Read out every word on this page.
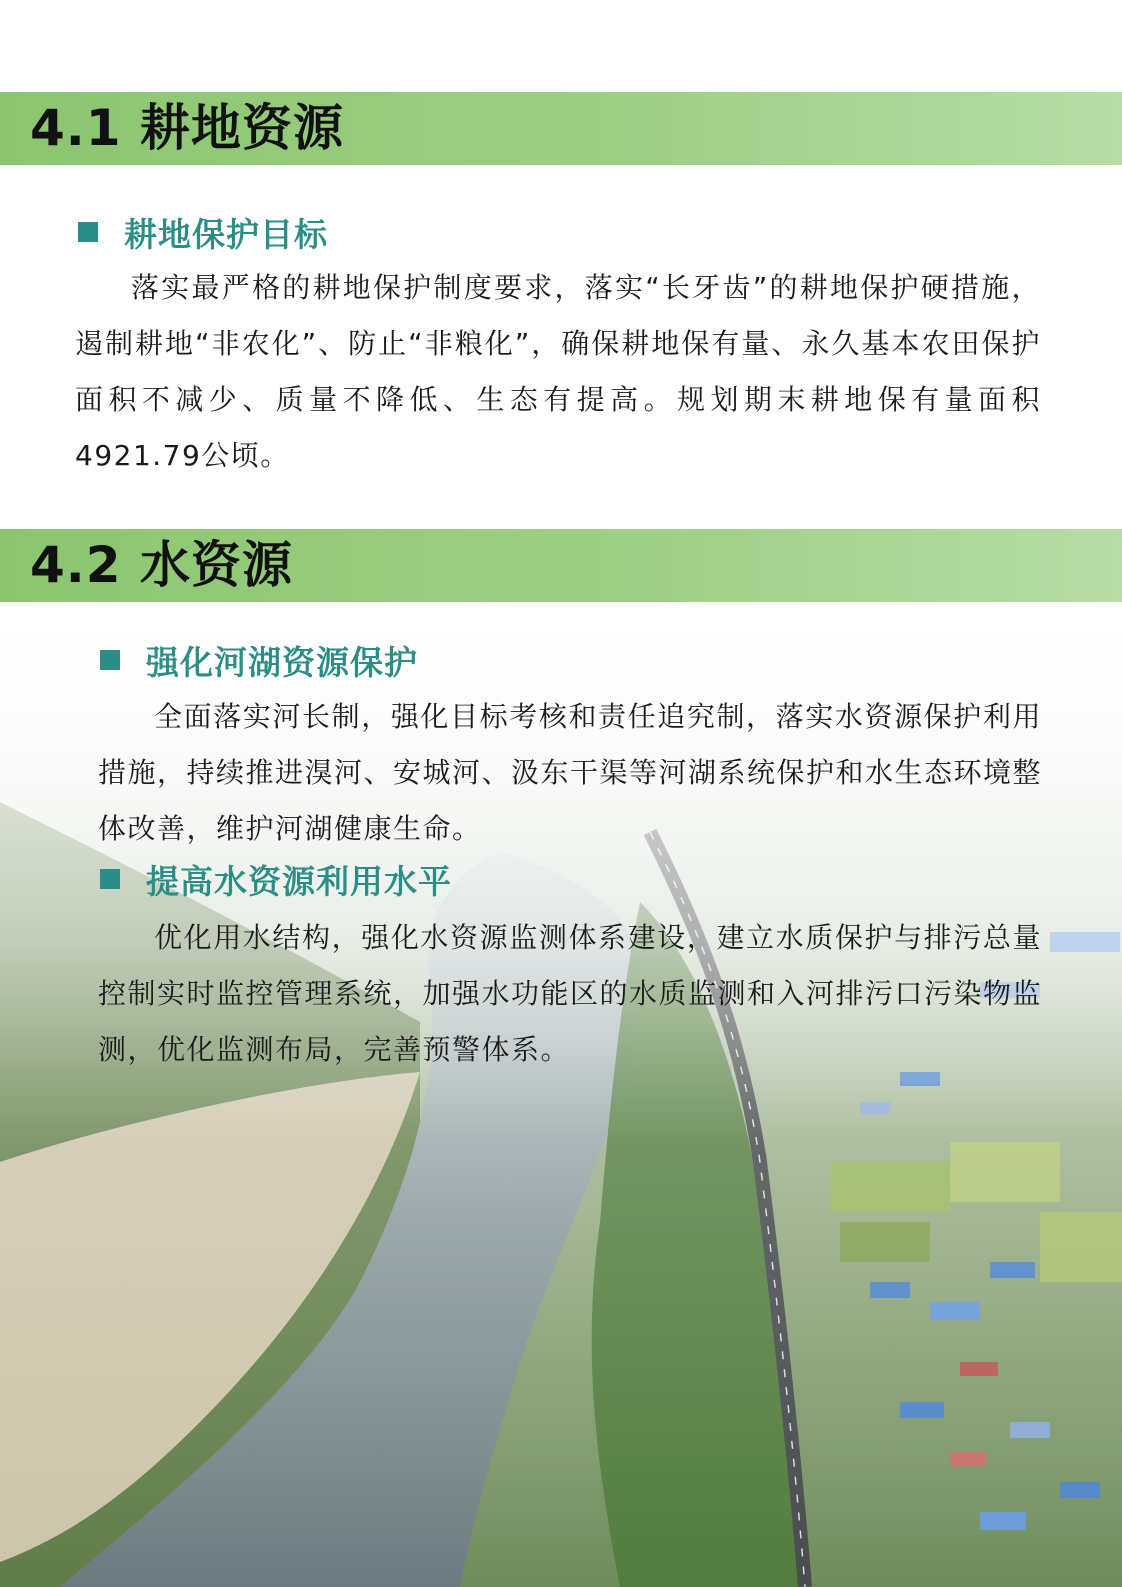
4.1 耕地资源
耕地保护目标

落实最严格的耕地保护制度要求，落实“长牙齿”的耕地保护硬措施，遏制耕地“非农化”、防止“非粮化”，确保耕地保有量、永久基本农田保护面积不减少、质量不降低、生态有提高。规划期末耕地保有量面积4921.79公顷。

4.2 水资源
强化河湖资源保护

全面落实河长制，强化目标考核和责任追究制，落实水资源保护利用措施，持续推进湨河、安城河、汲东干渠等河湖系统保护和水生态环境整体改善，维护河湖健康生命。

提高水资源利用水平

优化用水结构，强化水资源监测体系建设，建立水质保护与排污总量控制实时监控管理系统，加强水功能区的水质监测和入河排污口污染物监测，优化监测布局，完善预警体系。
